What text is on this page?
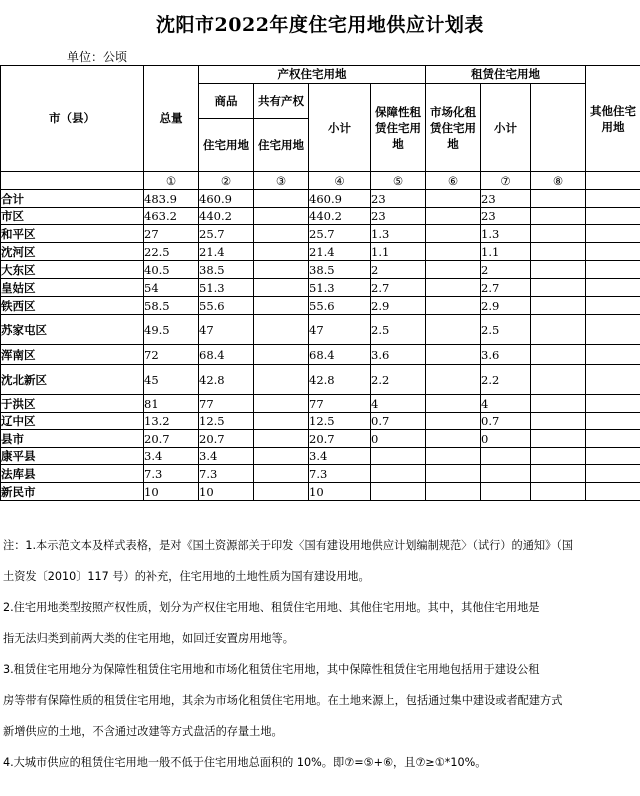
沈阳市2022年度住宅用地供应计划表
单位：公顷
市（县）	总量	产权住宅用地				租赁住宅用地			其他住宅用地
		商品	共有产权	小计	保障性租赁住宅用地	市场化租赁住宅用地	小计		
		住宅用地	住宅用地						
	①	②	③	④	⑤	⑥	⑦	⑧	
合计	483.9	460.9		460.9	23		23		
市区	463.2	440.2		440.2	23		23		
和平区	27	25.7		25.7	1.3		1.3		
沈河区	22.5	21.4		21.4	1.1		1.1		
大东区	40.5	38.5		38.5	2		2		
皇姑区	54	51.3		51.3	2.7		2.7		
铁西区	58.5	55.6		55.6	2.9		2.9		
苏家屯区	49.5	47		47	2.5		2.5		
浑南区	72	68.4		68.4	3.6		3.6		
沈北新区	45	42.8		42.8	2.2		2.2		
于洪区	81	77		77	4		4		
辽中区	13.2	12.5		12.5	0.7		0.7		
县市	20.7	20.7		20.7	0		0		
康平县	3.4	3.4		3.4					
法库县	7.3	7.3		7.3					
新民市	10	10		10					

注：1.本示范文本及样式表格，是对《国土资源部关于印发〈国有建设用地供应计划编制规范〉（试行）的通知》（国

土资发〔2010〕117 号）的补充，住宅用地的土地性质为国有建设用地。

2.住宅用地类型按照产权性质，划分为产权住宅用地、租赁住宅用地、其他住宅用地。其中，其他住宅用地是

指无法归类到前两大类的住宅用地，如回迁安置房用地等。

3.租赁住宅用地分为保障性租赁住宅用地和市场化租赁住宅用地，其中保障性租赁住宅用地包括用于建设公租

房等带有保障性质的租赁住宅用地，其余为市场化租赁住宅用地。在土地来源上，包括通过集中建设或者配建方式

新增供应的土地，不含通过改建等方式盘活的存量土地。

4.大城市供应的租赁住宅用地一般不低于住宅用地总面积的 10%。即⑦=⑤+⑥，且⑦≥①*10%。
